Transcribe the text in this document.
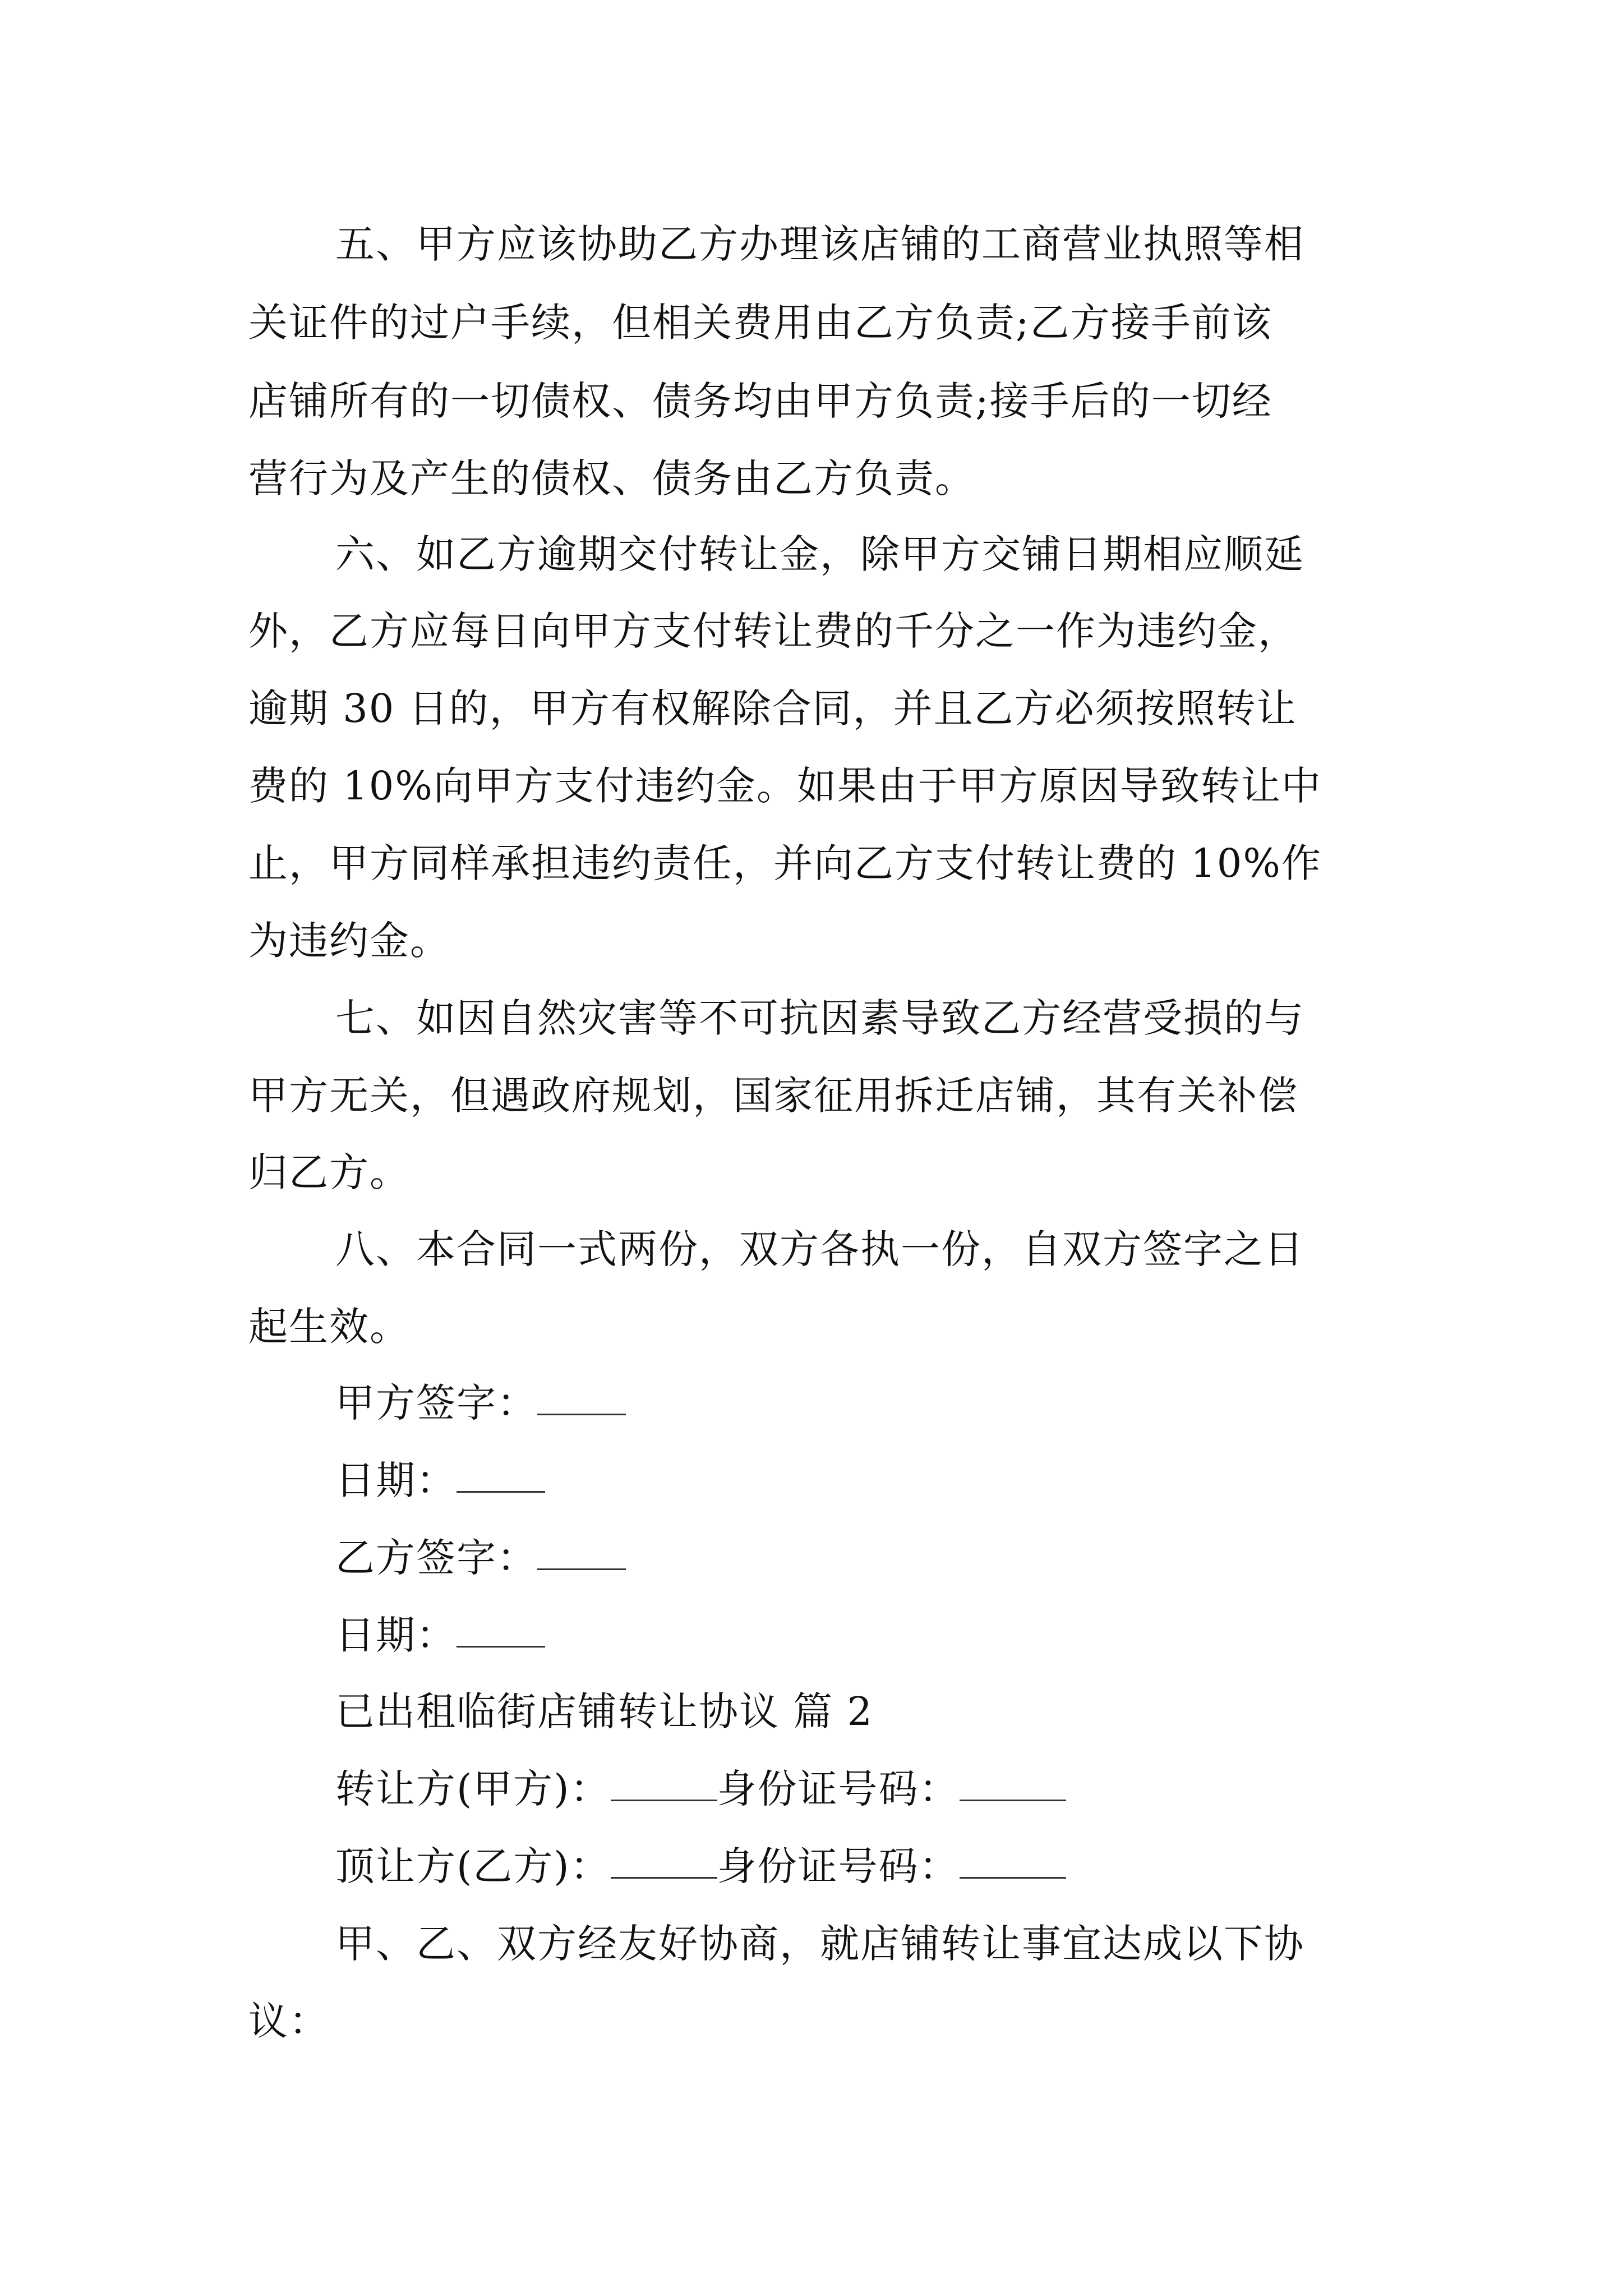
五、甲方应该协助乙方办理该店铺的工商营业执照等相
关证件的过户手续，但相关费用由乙方负责;乙方接手前该
店铺所有的一切债权、债务均由甲方负责;接手后的一切经
营行为及产生的债权、债务由乙方负责。
六、如乙方逾期交付转让金，除甲方交铺日期相应顺延
外，乙方应每日向甲方支付转让费的千分之一作为违约金，
逾期 30 日的，甲方有权解除合同，并且乙方必须按照转让
费的 10%向甲方支付违约金。如果由于甲方原因导致转让中
止，甲方同样承担违约责任，并向乙方支付转让费的 10%作
为违约金。
七、如因自然灾害等不可抗因素导致乙方经营受损的与
甲方无关，但遇政府规划，国家征用拆迁店铺，其有关补偿
归乙方。
八、本合同一式两份，双方各执一份，自双方签字之日
起生效。
甲方签字：
日期：
乙方签字：
日期：
已出租临街店铺转让协议 篇 2
转让方(甲方)：	身份证号码：
顶让方(乙方)：	身份证号码：
甲、乙、双方经友好协商，就店铺转让事宜达成以下协
议：
